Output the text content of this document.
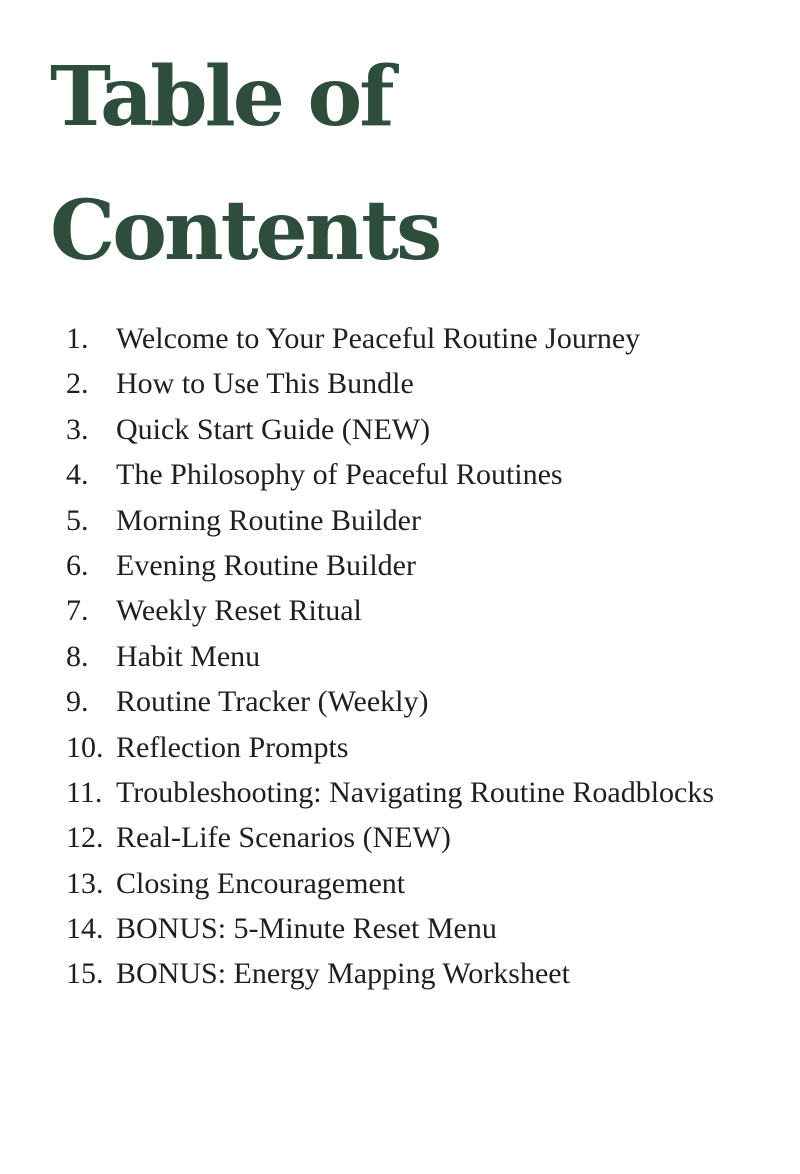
Table of
Contents
1. Welcome to Your Peaceful Routine Journey
2. How to Use This Bundle
3. Quick Start Guide (NEW)
4. The Philosophy of Peaceful Routines
5. Morning Routine Builder
6. Evening Routine Builder
7. Weekly Reset Ritual
8. Habit Menu
9. Routine Tracker (Weekly)
10. Reflection Prompts
11. Troubleshooting: Navigating Routine Roadblocks
12. Real-Life Scenarios (NEW)
13. Closing Encouragement
14. BONUS: 5-Minute Reset Menu
15. BONUS: Energy Mapping Worksheet
